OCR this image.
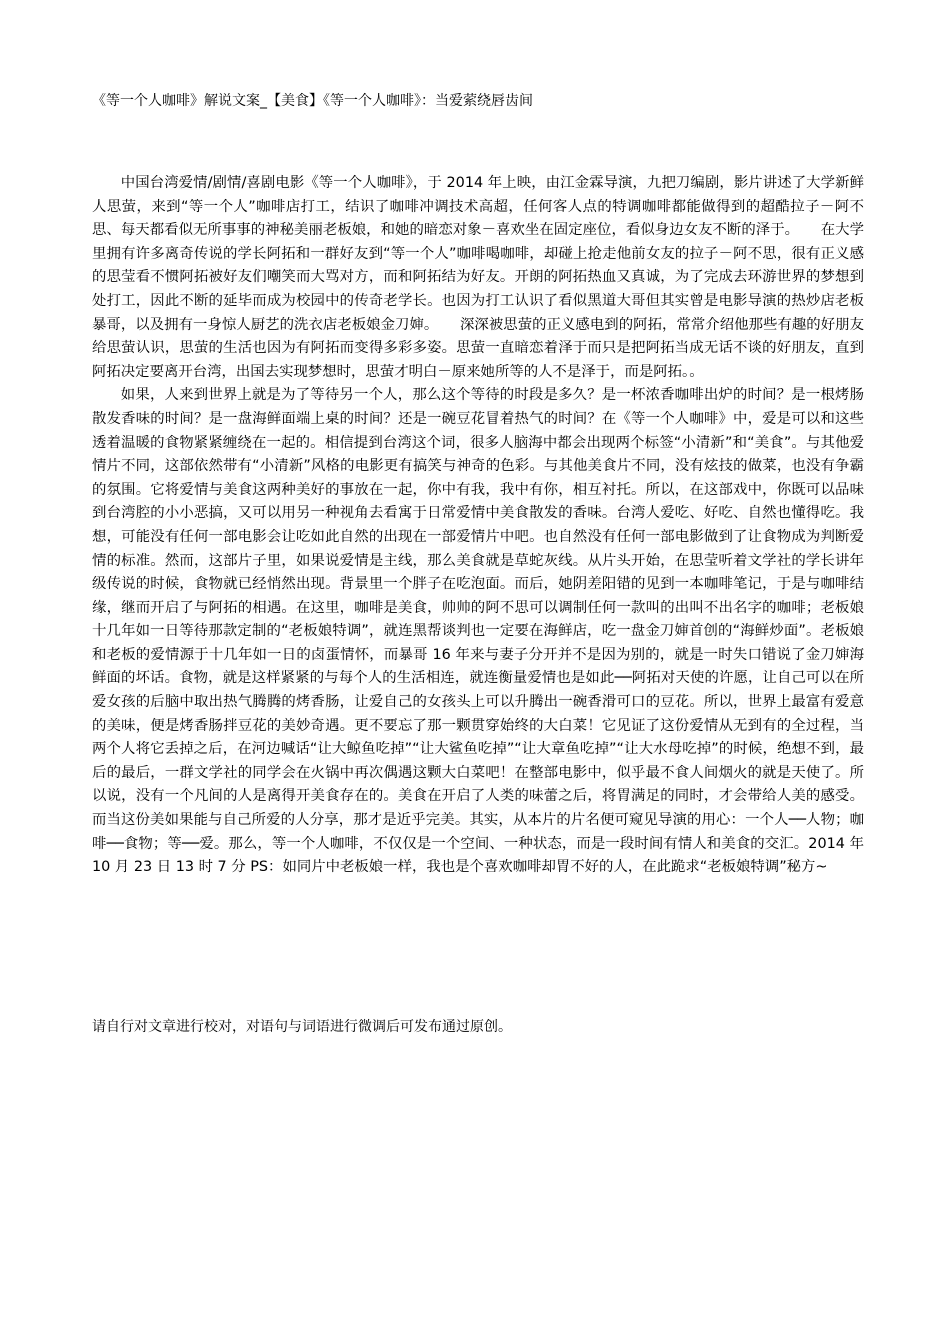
《等一个人咖啡》解说文案_【美食】《等一个人咖啡》：当爱萦绕唇齿间

中国台湾爱情/剧情/喜剧电影《等一个人咖啡》，于 2014 年上映，由江金霖导演，九把刀编剧，影片讲述了大学新鲜人思萤，来到“等一个人”咖啡店打工，结识了咖啡冲调技术高超，任何客人点的特调咖啡都能做得到的超酷拉子－阿不思、每天都看似无所事事的神秘美丽老板娘，和她的暗恋对象－喜欢坐在固定座位，看似身边女友不断的泽于。　　在大学里拥有许多离奇传说的学长阿拓和一群好友到“等一个人”咖啡喝咖啡，却碰上抢走他前女友的拉子－阿不思，很有正义感的思莹看不惯阿拓被好友们嘲笑而大骂对方，而和阿拓结为好友。开朗的阿拓热血又真诚，为了完成去环游世界的梦想到处打工，因此不断的延毕而成为校园中的传奇老学长。也因为打工认识了看似黑道大哥但其实曾是电影导演的热炒店老板暴哥，以及拥有一身惊人厨艺的洗衣店老板娘金刀婶。　　深深被思萤的正义感电到的阿拓，常常介绍他那些有趣的好朋友给思萤认识，思萤的生活也因为有阿拓而变得多彩多姿。思萤一直暗恋着泽于而只是把阿拓当成无话不谈的好朋友，直到阿拓决定要离开台湾，出国去实现梦想时，思萤才明白－原来她所等的人不是泽于，而是阿拓。。

如果，人来到世界上就是为了等待另一个人，那么这个等待的时段是多久？是一杯浓香咖啡出炉的时间？是一根烤肠散发香味的时间？是一盘海鲜面端上桌的时间？还是一碗豆花冒着热气的时间？在《等一个人咖啡》中，爱是可以和这些透着温暖的食物紧紧缠绕在一起的。相信提到台湾这个词，很多人脑海中都会出现两个标签“小清新”和“美食”。与其他爱情片不同，这部依然带有“小清新”风格的电影更有搞笑与神奇的色彩。与其他美食片不同，没有炫技的做菜，也没有争霸的氛围。它将爱情与美食这两种美好的事放在一起，你中有我，我中有你，相互衬托。所以，在这部戏中，你既可以品味到台湾腔的小小恶搞，又可以用另一种视角去看寓于日常爱情中美食散发的香味。台湾人爱吃、好吃、自然也懂得吃。我想，可能没有任何一部电影会让吃如此自然的出现在一部爱情片中吧。也自然没有任何一部电影做到了让食物成为判断爱情的标准。然而，这部片子里，如果说爱情是主线，那么美食就是草蛇灰线。从片头开始，在思莹听着文学社的学长讲年级传说的时候，食物就已经悄然出现。背景里一个胖子在吃泡面。而后，她阴差阳错的见到一本咖啡笔记，于是与咖啡结缘，继而开启了与阿拓的相遇。在这里，咖啡是美食，帅帅的阿不思可以调制任何一款叫的出叫不出名字的咖啡；老板娘十几年如一日等待那款定制的“老板娘特调”，就连黑帮谈判也一定要在海鲜店，吃一盘金刀婶首创的“海鲜炒面”。老板娘和老板的爱情源于十几年如一日的卤蛋情怀，而暴哥 16 年来与妻子分开并不是因为别的，就是一时失口错说了金刀婶海鲜面的坏话。食物，就是这样紧紧的与每个人的生活相连，就连衡量爱情也是如此──阿拓对天使的许愿，让自己可以在所爱女孩的后脑中取出热气腾腾的烤香肠，让爱自己的女孩头上可以升腾出一碗香滑可口的豆花。所以，世界上最富有爱意的美味，便是烤香肠拌豆花的美妙奇遇。更不要忘了那一颗贯穿始终的大白菜！它见证了这份爱情从无到有的全过程，当两个人将它丢掉之后，在河边喊话“让大鲸鱼吃掉”“让大鲨鱼吃掉”“让大章鱼吃掉”“让大水母吃掉”的时候，绝想不到，最后的最后，一群文学社的同学会在火锅中再次偶遇这颗大白菜吧！在整部电影中，似乎最不食人间烟火的就是天使了。所以说，没有一个凡间的人是离得开美食存在的。美食在开启了人类的味蕾之后，将胃满足的同时，才会带给人美的感受。而当这份美如果能与自己所爱的人分享，那才是近乎完美。其实，从本片的片名便可窥见导演的用心：一个人──人物；咖啡──食物；等──爱。那么，等一个人咖啡，不仅仅是一个空间、一种状态，而是一段时间有情人和美食的交汇。2014 年 10 月 23 日 13 时 7 分 PS：如同片中老板娘一样，我也是个喜欢咖啡却胃不好的人，在此跪求“老板娘特调”秘方~

请自行对文章进行校对，对语句与词语进行微调后可发布通过原创。
